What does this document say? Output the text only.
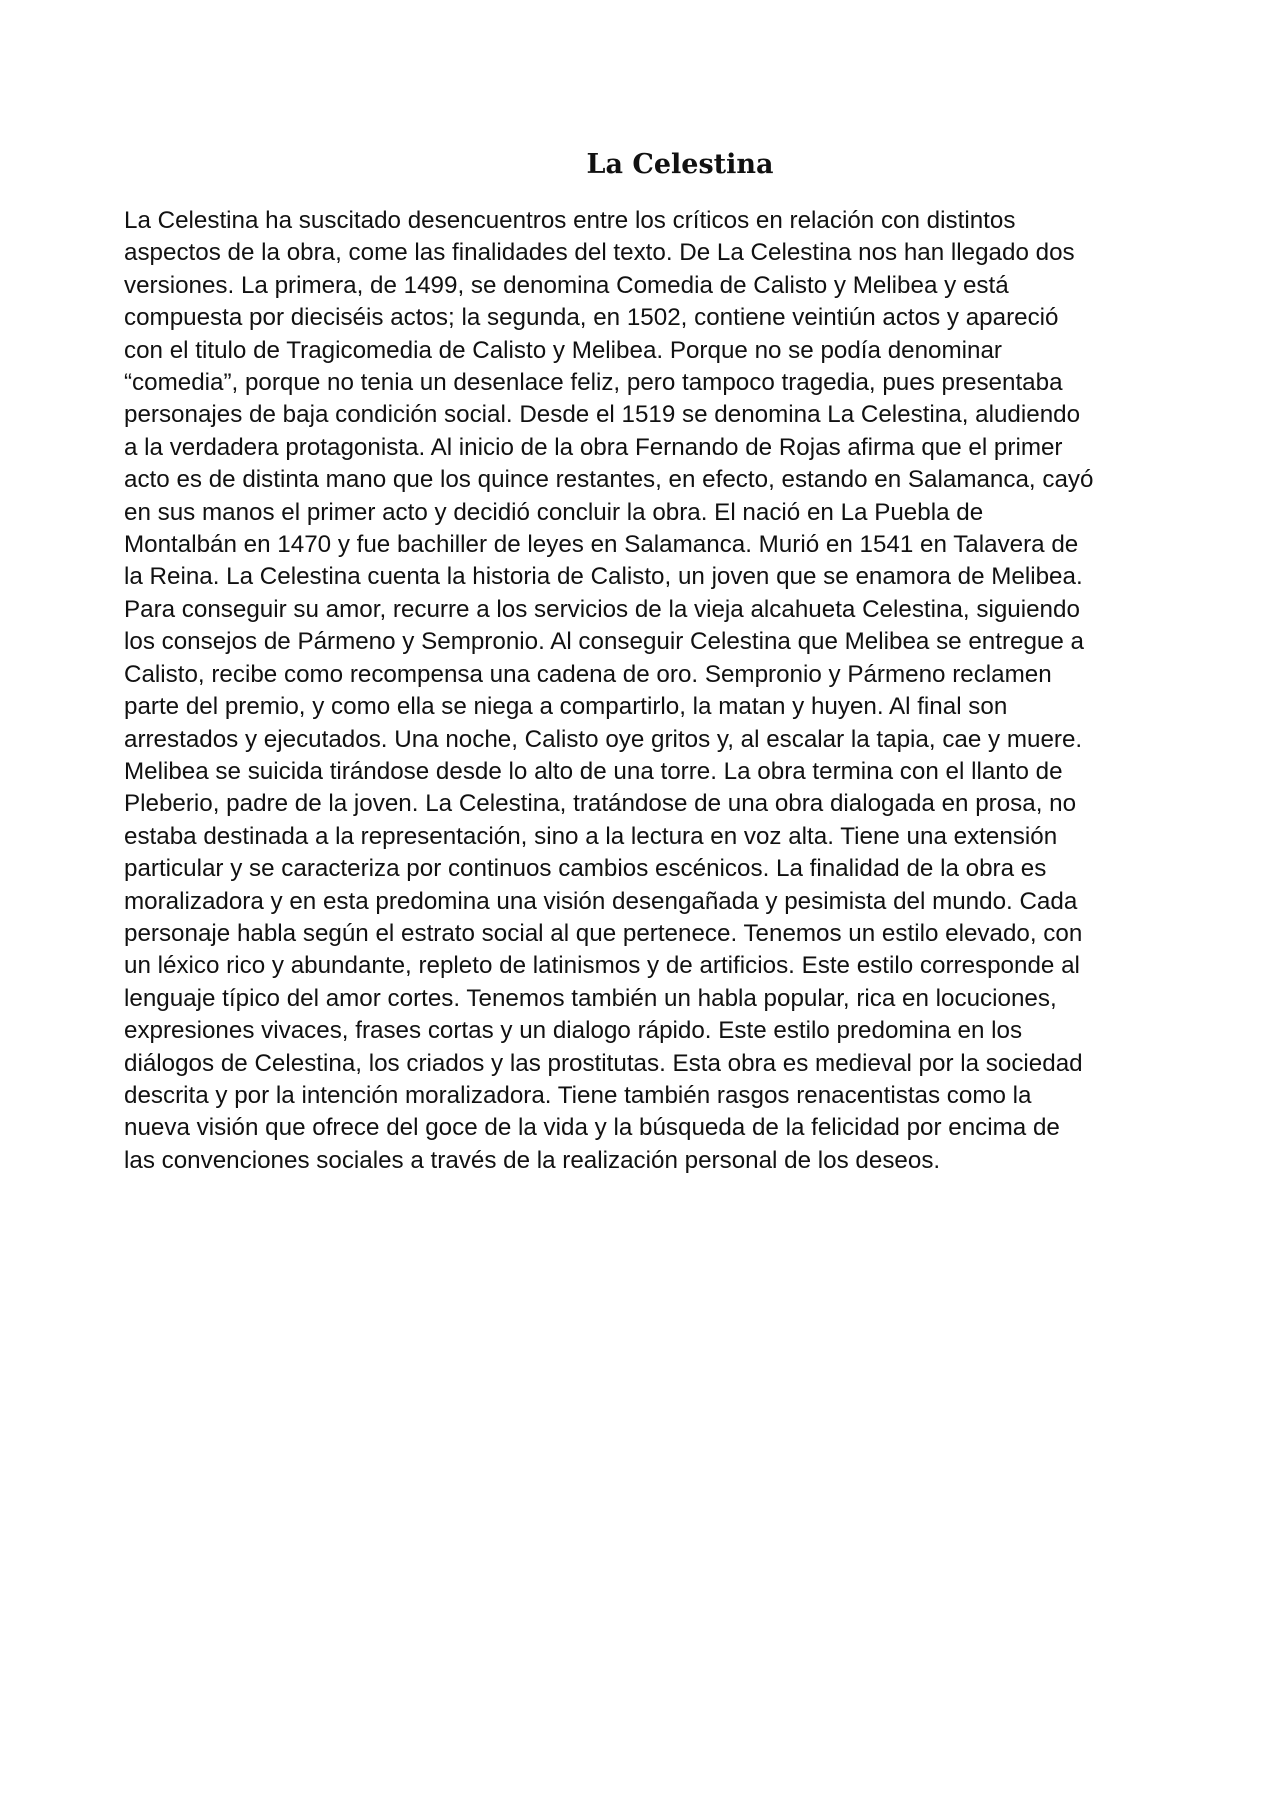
La Celestina
La Celestina ha suscitado desencuentros entre los críticos en relación con distintos
aspectos de la obra, come las finalidades del texto. De La Celestina nos han llegado dos
versiones. La primera, de 1499, se denomina Comedia de Calisto y Melibea y está
compuesta por dieciséis actos; la segunda, en 1502, contiene veintiún actos y apareció
con el titulo de Tragicomedia de Calisto y Melibea. Porque no se podía denominar
“comedia”, porque no tenia un desenlace feliz, pero tampoco tragedia, pues presentaba
personajes de baja condición social. Desde el 1519 se denomina La Celestina, aludiendo
a la verdadera protagonista. Al inicio de la obra Fernando de Rojas afirma que el primer
acto es de distinta mano que los quince restantes, en efecto, estando en Salamanca, cayó
en sus manos el primer acto y decidió concluir la obra. El nació en La Puebla de
Montalbán en 1470 y fue bachiller de leyes en Salamanca. Murió en 1541 en Talavera de
la Reina. La Celestina cuenta la historia de Calisto, un joven que se enamora de Melibea.
Para conseguir su amor, recurre a los servicios de la vieja alcahueta Celestina, siguiendo
los consejos de Pármeno y Sempronio. Al conseguir Celestina que Melibea se entregue a
Calisto, recibe como recompensa una cadena de oro. Sempronio y Pármeno reclamen
parte del premio, y como ella se niega a compartirlo, la matan y huyen. Al final son
arrestados y ejecutados. Una noche, Calisto oye gritos y, al escalar la tapia, cae y muere.
Melibea se suicida tirándose desde lo alto de una torre. La obra termina con el llanto de
Pleberio, padre de la joven. La Celestina, tratándose de una obra dialogada en prosa, no
estaba destinada a la representación, sino a la lectura en voz alta. Tiene una extensión
particular y se caracteriza por continuos cambios escénicos. La finalidad de la obra es
moralizadora y en esta predomina una visión desengañada y pesimista del mundo. Cada
personaje habla según el estrato social al que pertenece. Tenemos un estilo elevado, con
un léxico rico y abundante, repleto de latinismos y de artificios. Este estilo corresponde al
lenguaje típico del amor cortes. Tenemos también un habla popular, rica en locuciones,
expresiones vivaces, frases cortas y un dialogo rápido. Este estilo predomina en los
diálogos de Celestina, los criados y las prostitutas. Esta obra es medieval por la sociedad
descrita y por la intención moralizadora. Tiene también rasgos renacentistas como la
nueva visión que ofrece del goce de la vida y la búsqueda de la felicidad por encima de
las convenciones sociales a través de la realización personal de los deseos.
